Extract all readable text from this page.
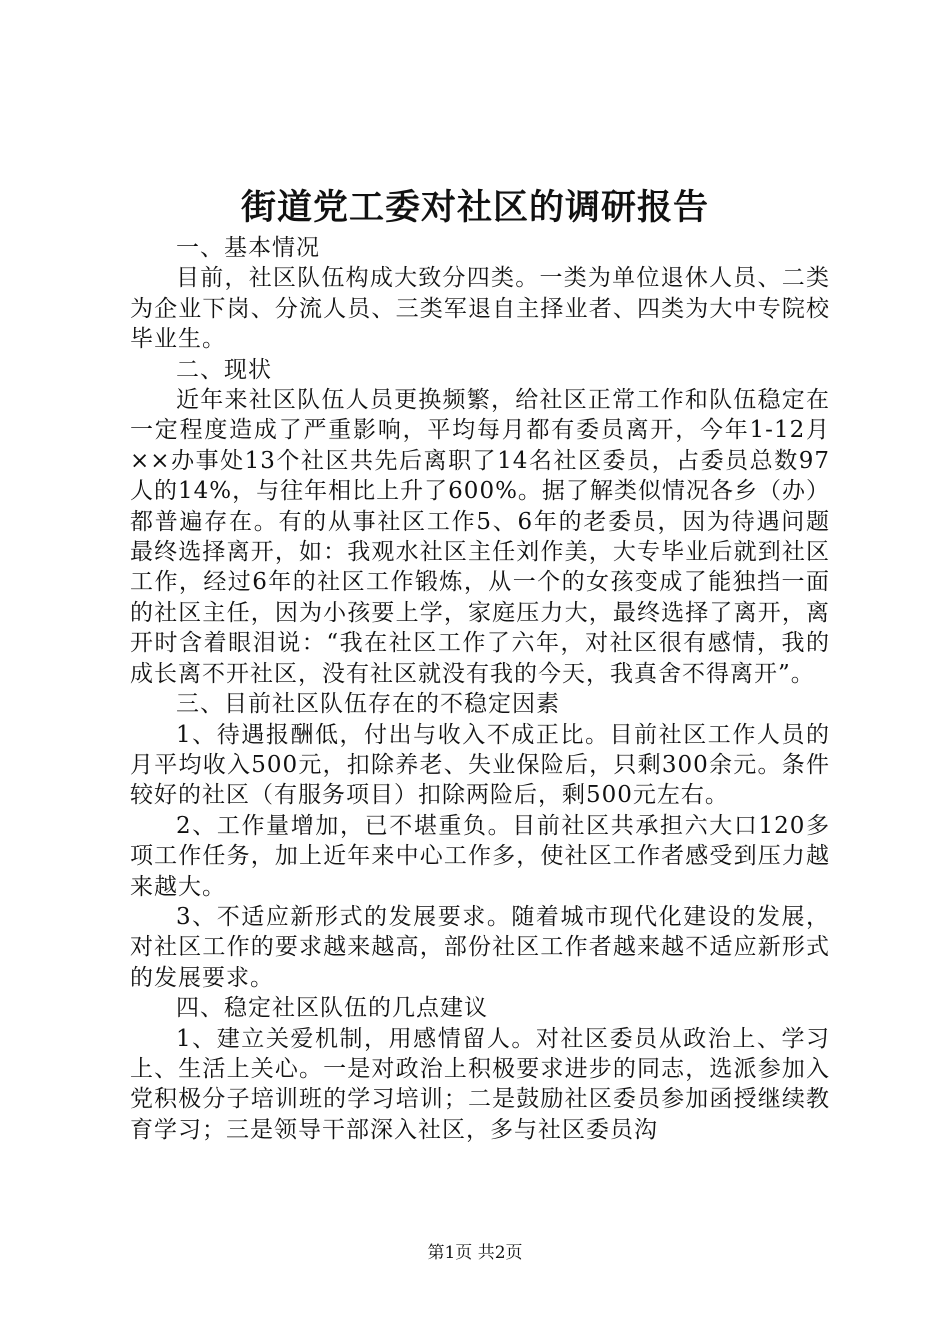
街道党工委对社区的调研报告

一、基本情况

目前，社区队伍构成大致分四类。一类为单位退休人员、二类为企业下岗、分流人员、三类军退自主择业者、四类为大中专院校毕业生。

二、现状

近年来社区队伍人员更换频繁，给社区正常工作和队伍稳定在一定程度造成了严重影响，平均每月都有委员离开，今年1-12月××办事处13个社区共先后离职了14名社区委员，占委员总数97人的14%，与往年相比上升了600%。据了解类似情况各乡（办）都普遍存在。有的从事社区工作5、6年的老委员，因为待遇问题最终选择离开，如：我观水社区主任刘作美，大专毕业后就到社区工作，经过6年的社区工作锻炼，从一个的女孩变成了能独挡一面的社区主任，因为小孩要上学，家庭压力大，最终选择了离开，离开时含着眼泪说：“我在社区工作了六年，对社区很有感情，我的成长离不开社区，没有社区就没有我的今天，我真舍不得离开”。

三、目前社区队伍存在的不稳定因素

1、待遇报酬低，付出与收入不成正比。目前社区工作人员的月平均收入500元，扣除养老、失业保险后，只剩300余元。条件较好的社区（有服务项目）扣除两险后，剩500元左右。

2、工作量增加，已不堪重负。目前社区共承担六大口120多项工作任务，加上近年来中心工作多，使社区工作者感受到压力越来越大。

3、不适应新形式的发展要求。随着城市现代化建设的发展，对社区工作的要求越来越高，部份社区工作者越来越不适应新形式的发展要求。

四、稳定社区队伍的几点建议

1、建立关爱机制，用感情留人。对社区委员从政治上、学习上、生活上关心。一是对政治上积极要求进步的同志，选派参加入党积极分子培训班的学习培训；二是鼓励社区委员参加函授继续教育学习；三是领导干部深入社区，多与社区委员沟

第1页 共2页
